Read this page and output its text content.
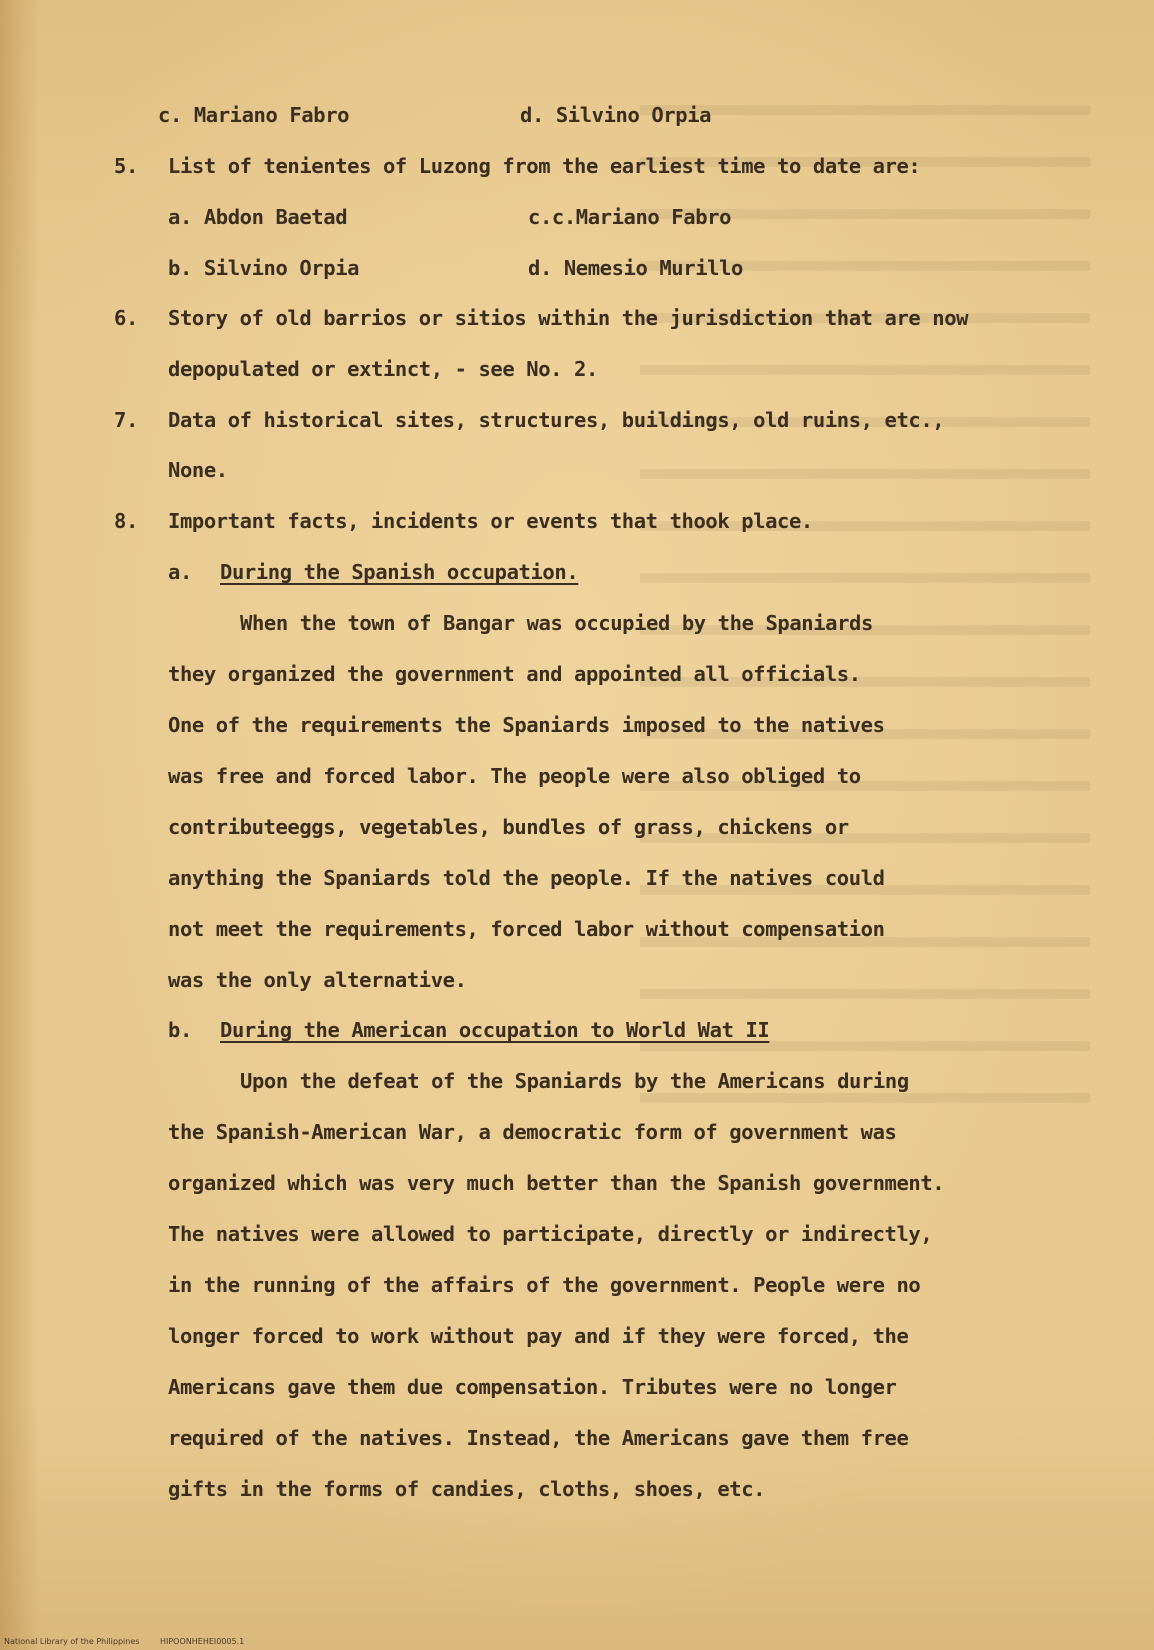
c. Mariano Fabro	d. Silvino Orpia
5. List of tenientes of Luzong from the earliest time to date are:
a. Abdon Baetad	c.c.Mariano Fabro
b. Silvino Orpia	d. Nemesio Murillo
6. Story of old barrios or sitios within the jurisdiction that are now
depopulated or extinct, - see No. 2.
7. Data of historical sites, structures, buildings, old ruins, etc.,
None.
8. Important facts, incidents or events that thook place.
a. During the Spanish occupation.
When the town of Bangar was occupied by the Spaniards
they organized the government and appointed all officials.
One of the requirements the Spaniards imposed to the natives
was free and forced labor. The people were also obliged to
contributeeggs, vegetables, bundles of grass, chickens or
anything the Spaniards told the people. If the natives could
not meet the requirements, forced labor without compensation
was the only alternative.
b. During the American occupation to World Wat II
Upon the defeat of the Spaniards by the Americans during
the Spanish-American War, a democratic form of government was
organized which was very much better than the Spanish government.
The natives were allowed to participate, directly or indirectly,
in the running of the affairs of the government. People were no
longer forced to work without pay and if they were forced, the
Americans gave them due compensation. Tributes were no longer
required of the natives. Instead, the Americans gave them free
gifts in the forms of candies, cloths, shoes, etc.
National Library of the Philippines	HIPOONHEHEI0005.1
